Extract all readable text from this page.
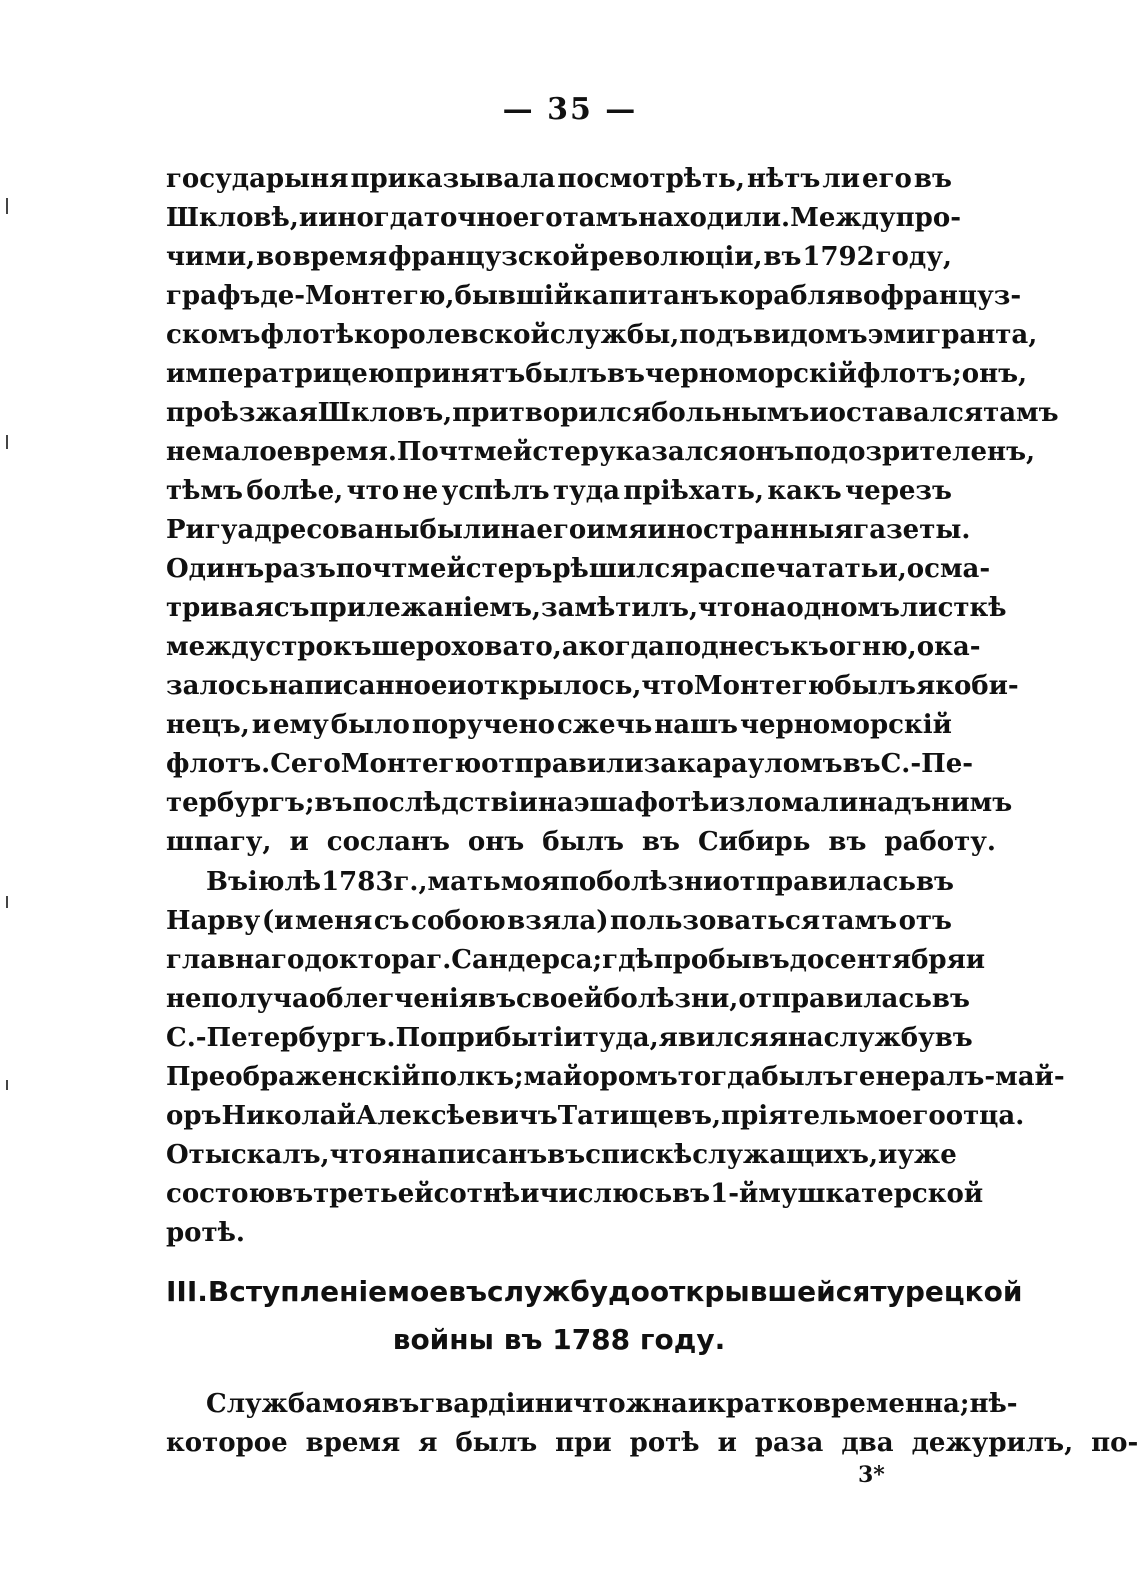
— 35 —
государыня приказывала посмотрѣть, нѣтъ ли его въ
Шкловѣ, и иногда точно его тамъ находили. Между про-
чими, во время французской революціи, въ 1792 году,
графъ де-Монтегю, бывшій капитанъ корабля во француз-
скомъ флотѣ королевской службы, подъ видомъ эмигранта,
императрицею принятъ былъ въ черноморскій флотъ; онъ,
проѣзжая Шкловъ, притворился больнымъ и оставался тамъ
не малое время. Почтмейстеру казался онъ подозрителенъ,
тѣмъ болѣе, что не успѣлъ туда пріѣхать, какъ черезъ
Ригу адресованы были на его имя иностранныя газеты.
Одинъ разъ почтмейстеръ рѣшился распечатать и, осма-
тривая съ прилежаніемъ, замѣтилъ, что на одномъ листкѣ
между строкъ шероховато, а когда поднесъ къ огню, ока-
залось написанное и открылось, что Монтегю былъ якоби-
нецъ, и ему было поручено сжечь нашъ черноморскій
флотъ. Сего Монтегю отправили за карауломъ въ С.-Пе-
тербургъ; въ послѣдствіи на эшафотѣ изломали надъ нимъ
шпагу, и сосланъ онъ былъ въ Сибирь въ работу.
Въ іюлѣ 1783 г., мать моя по болѣзни отправилась въ
Нарву (и меня съ собою взяла) пользоваться тамъ отъ
главнаго доктора г. Сандерса; гдѣ пробывъ до сентября и
не получа облегченія въ своей болѣзни, отправилась въ
С.-Петербургъ. По прибытіи туда, явился я на службу въ
Преображенскій полкъ; майоромъ тогда былъ генералъ-май-
оръ Николай Алексѣевичъ Татищевъ, пріятель моего отца.
Отыскалъ, что я написанъ въ спискѣ служащихъ, и уже
состою въ третьей сотнѣ и числюсь въ 1-й мушкатерской
ротѣ.
III. Вступленіе мое въ службу до открывшейся турецкой
войны въ 1788 году.
Служба моя въ гвардіи ничтожна и кратковременна; нѣ-
которое время я былъ при ротѣ и раза два дежурилъ, по-
3*
